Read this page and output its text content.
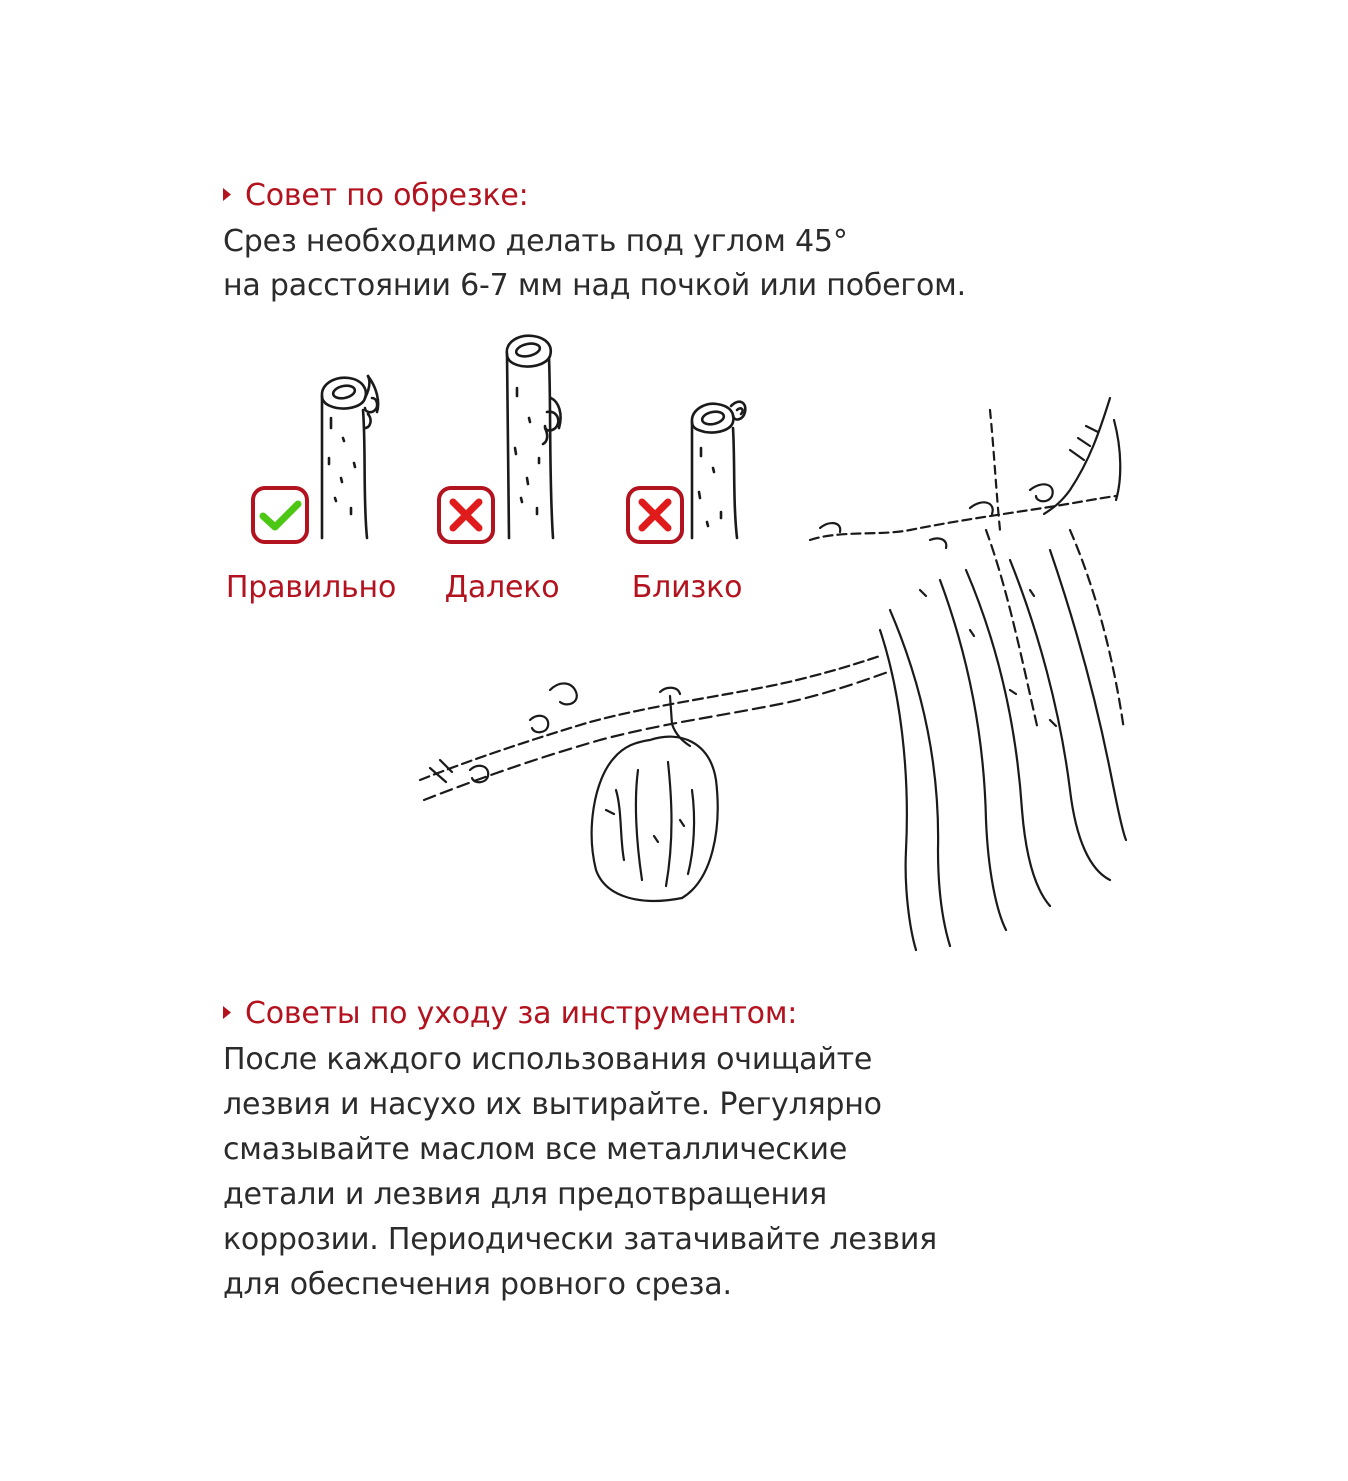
Совет по обрезке:

Срез необходимо делать под углом 45°
на расстоянии 6-7 мм над почкой или побегом.

Правильно Далеко Близко
Советы по уходу за инструментом:

После каждого использования очищайте
лезвия и насухо их вытирайте. Регулярно
смазывайте маслом все металлические
детали и лезвия для предотвращения
коррозии. Периодически затачивайте лезвия
для обеспечения ровного среза.
